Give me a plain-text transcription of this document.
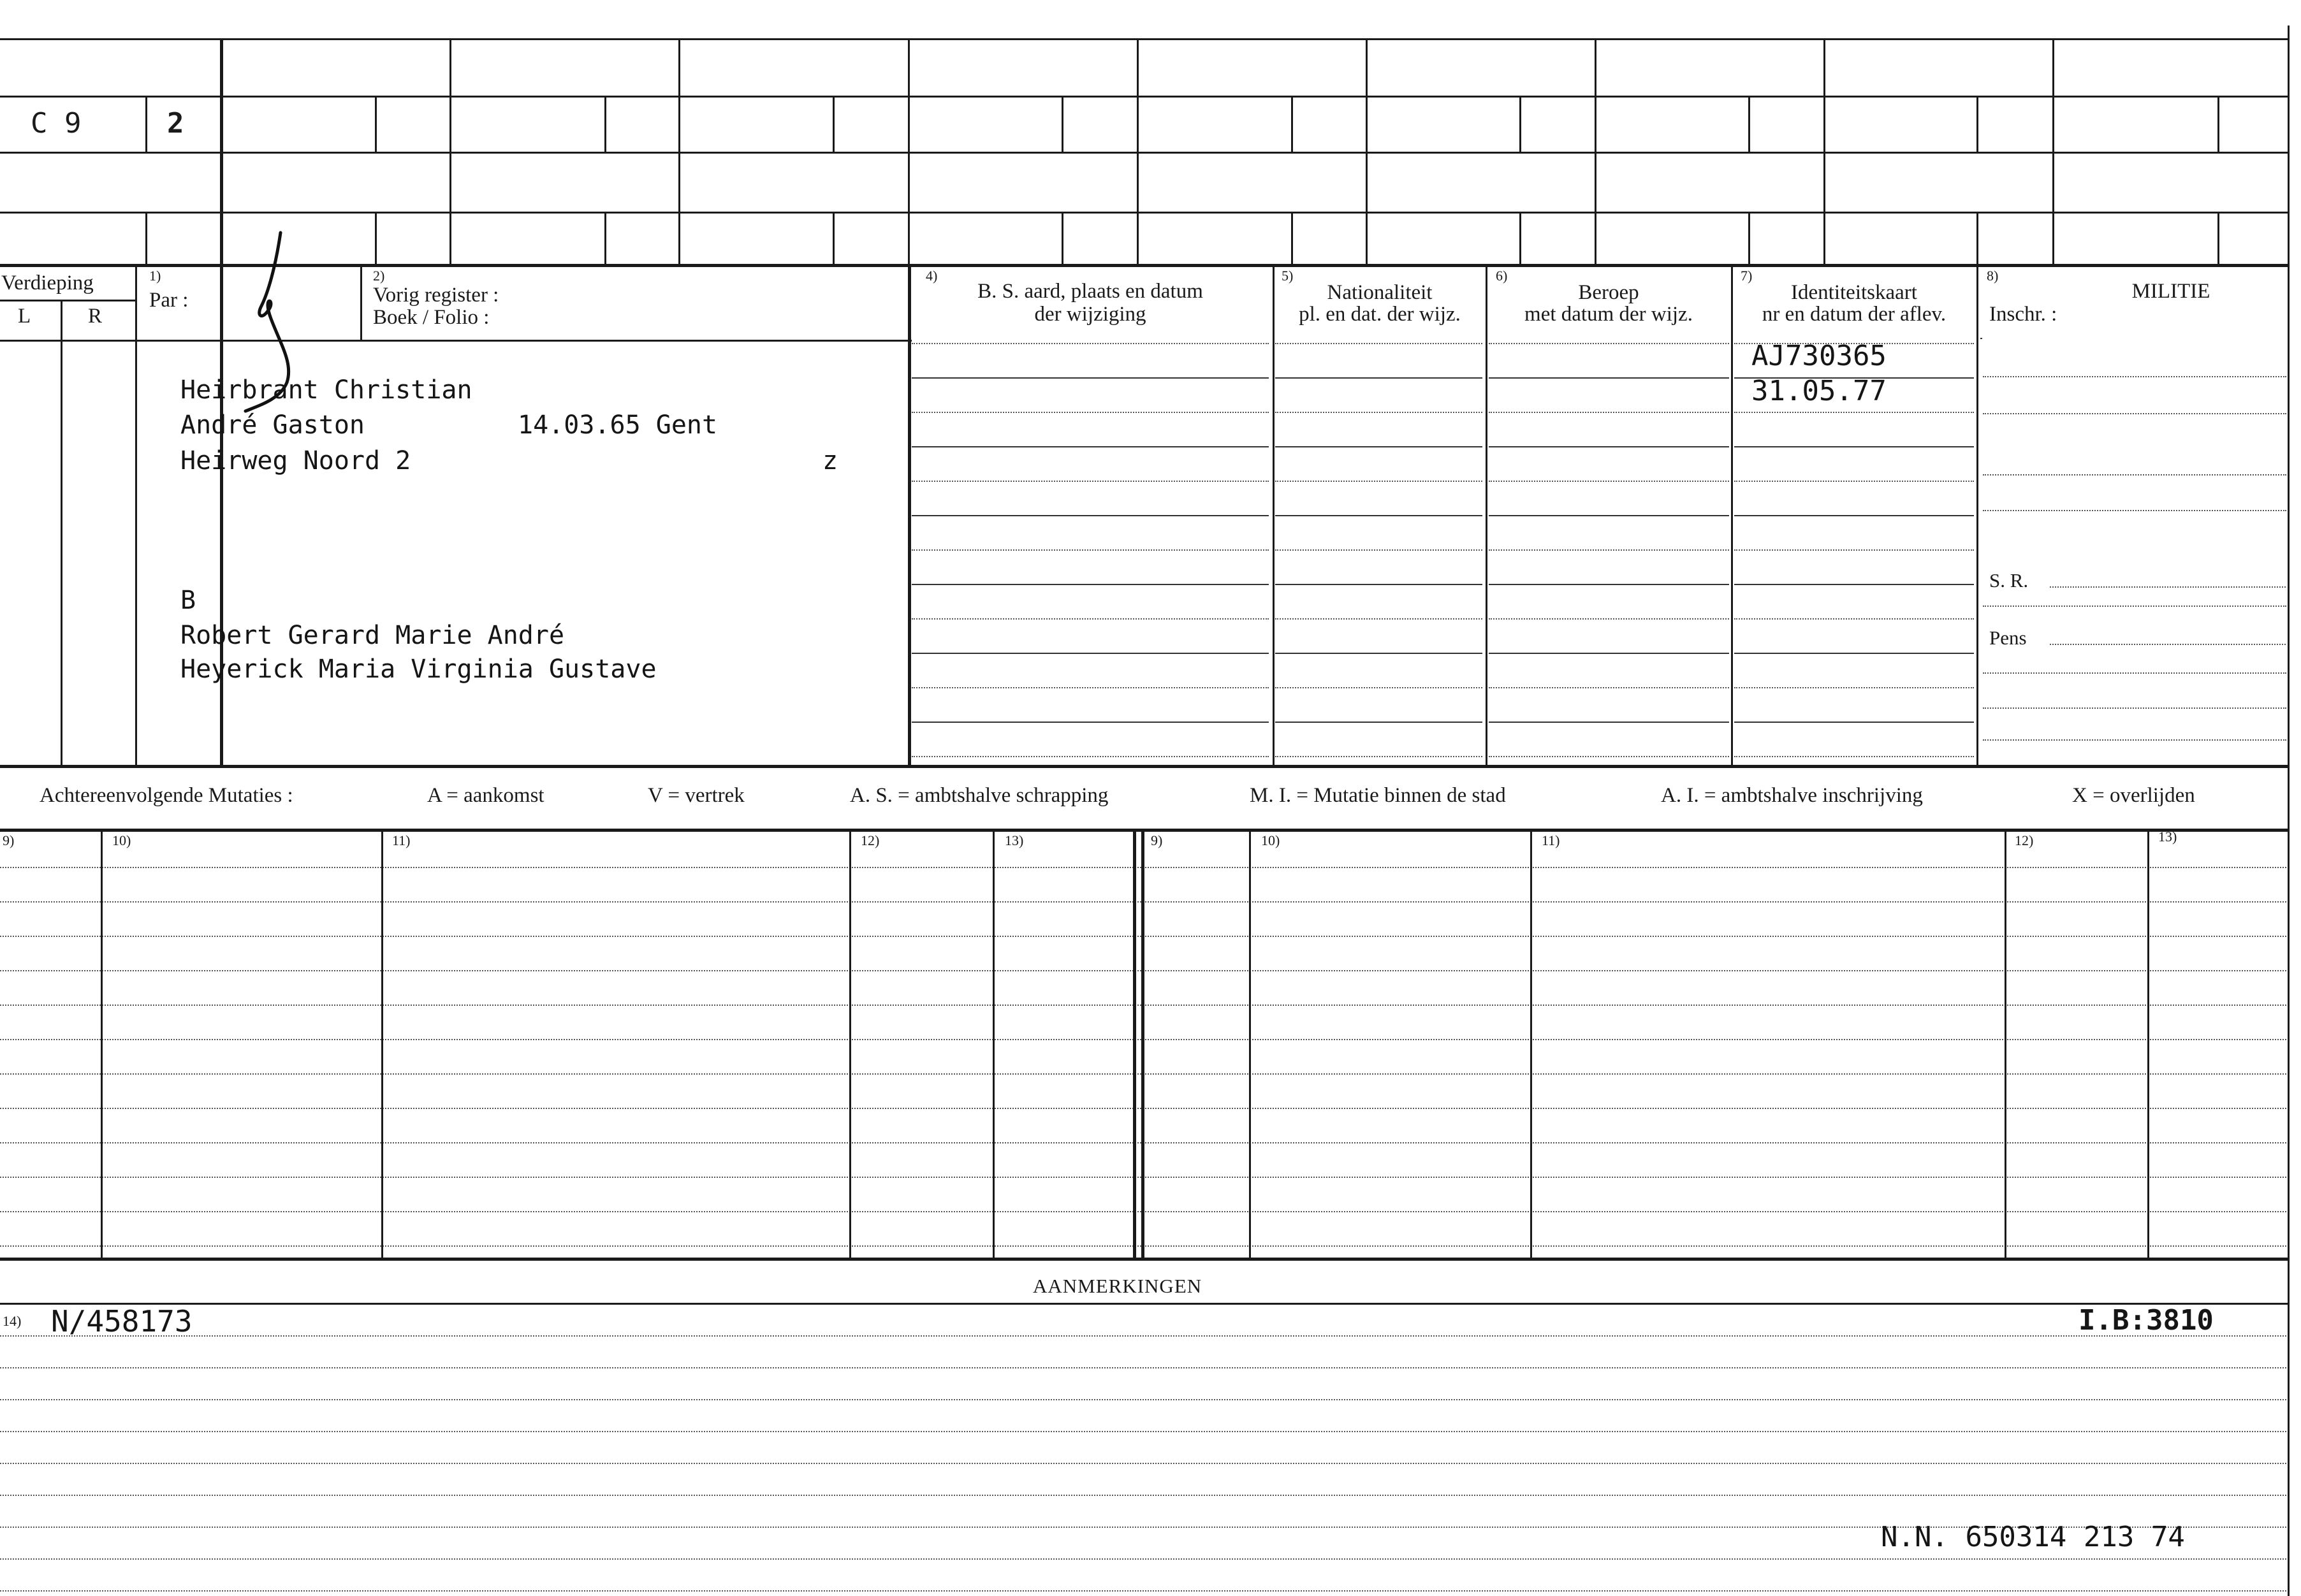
C 9	2
Verdieping
L	R
1)
Par :
2)
Vorig register :
Boek / Folio :
4)
B. S. aard, plaats en datum
der wijziging
5)
Nationaliteit
pl. en dat. der wijz.
6)
Beroep
met datum der wijz.
7)
Identiteitskaart
nr en datum der aflev.
8)
MILITIE
Inschr. :
S. R.
Pens
Heirbrant Christian
André Gaston	14.03.65 Gent
Heirweg Noord 2	z
B
Robert Gerard Marie André
Heyerick Maria Virginia Gustave
AJ730365
31.05.77
Achtereenvolgende Mutaties :	A = aankomst	V = vertrek	A. S. = ambtshalve schrapping	M. I. = Mutatie binnen de stad	A. I. = ambtshalve inschrijving	X = overlijden
9)	10)	11)	12)	13)	9)	10)	11)	12)	13)
AANMERKINGEN
14) N/458173	I.B:3810
N.N. 650314 213 74
